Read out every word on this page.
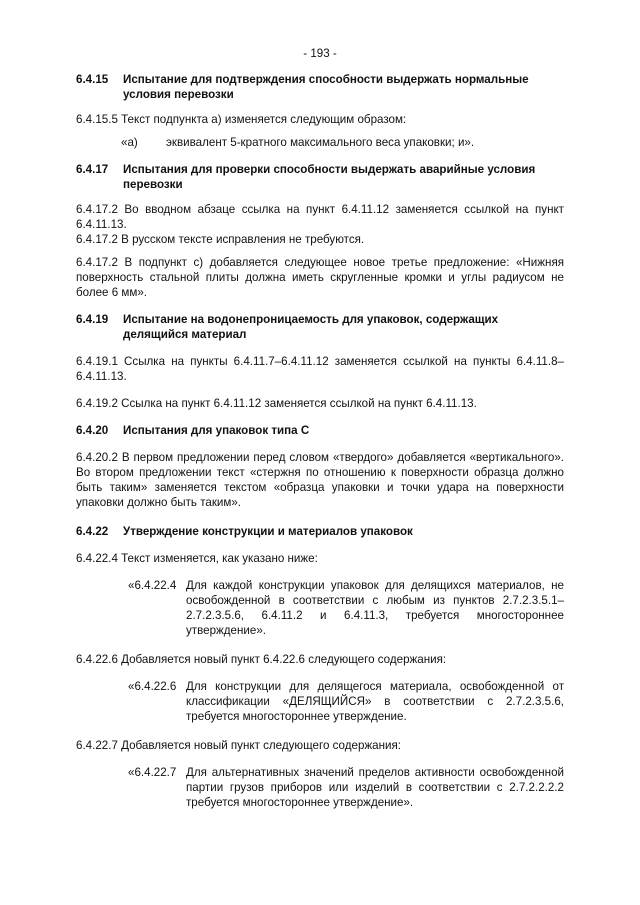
- 193 -
6.4.15	Испытание для подтверждения способности выдержать нормальные условия перевозки

6.4.15.5 Текст подпункта a) изменяется следующим образом:

«a)	эквивалент 5-кратного максимального веса упаковки; и».
6.4.17	Испытания для проверки способности выдержать аварийные условия перевозки

6.4.17.2 Во вводном абзаце ссылка на пункт 6.4.11.12 заменяется ссылкой на пункт 6.4.11.13.

6.4.17.2 В русском тексте исправления не требуются.

6.4.17.2 В подпункт c) добавляется следующее новое третье предложение: «Нижняя поверхность стальной плиты должна иметь скругленные кромки и углы радиусом не более 6 мм».

6.4.19	Испытание на водонепроницаемость для упаковок, содержащих делящийся материал

6.4.19.1 Ссылка на пункты 6.4.11.7–6.4.11.12 заменяется ссылкой на пункты 6.4.11.8–6.4.11.13.

6.4.19.2 Ссылка на пункт 6.4.11.12 заменяется ссылкой на пункт 6.4.11.13.

6.4.20	Испытания для упаковок типа C

6.4.20.2 В первом предложении перед словом «твердого» добавляется «вертикального». Во втором предложении текст «стержня по отношению к поверхности образца должно быть таким» заменяется текстом «образца упаковки и точки удара на поверхности упаковки должно быть таким».

6.4.22	Утверждение конструкции и материалов упаковок

6.4.22.4 Текст изменяется, как указано ниже:

«6.4.22.4 Для каждой конструкции упаковок для делящихся материалов, не освобожденной в соответствии с любым из пунктов 2.7.2.3.5.1–2.7.2.3.5.6, 6.4.11.2 и 6.4.11.3, требуется многостороннее утверждение».

6.4.22.6 Добавляется новый пункт 6.4.22.6 следующего содержания:

«6.4.22.6 Для конструкции для делящегося материала, освобожденной от классификации «ДЕЛЯЩИЙСЯ» в соответствии с 2.7.2.3.5.6, требуется многостороннее утверждение.

6.4.22.7 Добавляется новый пункт следующего содержания:

«6.4.22.7 Для альтернативных значений пределов активности освобожденной партии грузов приборов или изделий в соответствии с 2.7.2.2.2.2 требуется многостороннее утверждение».
